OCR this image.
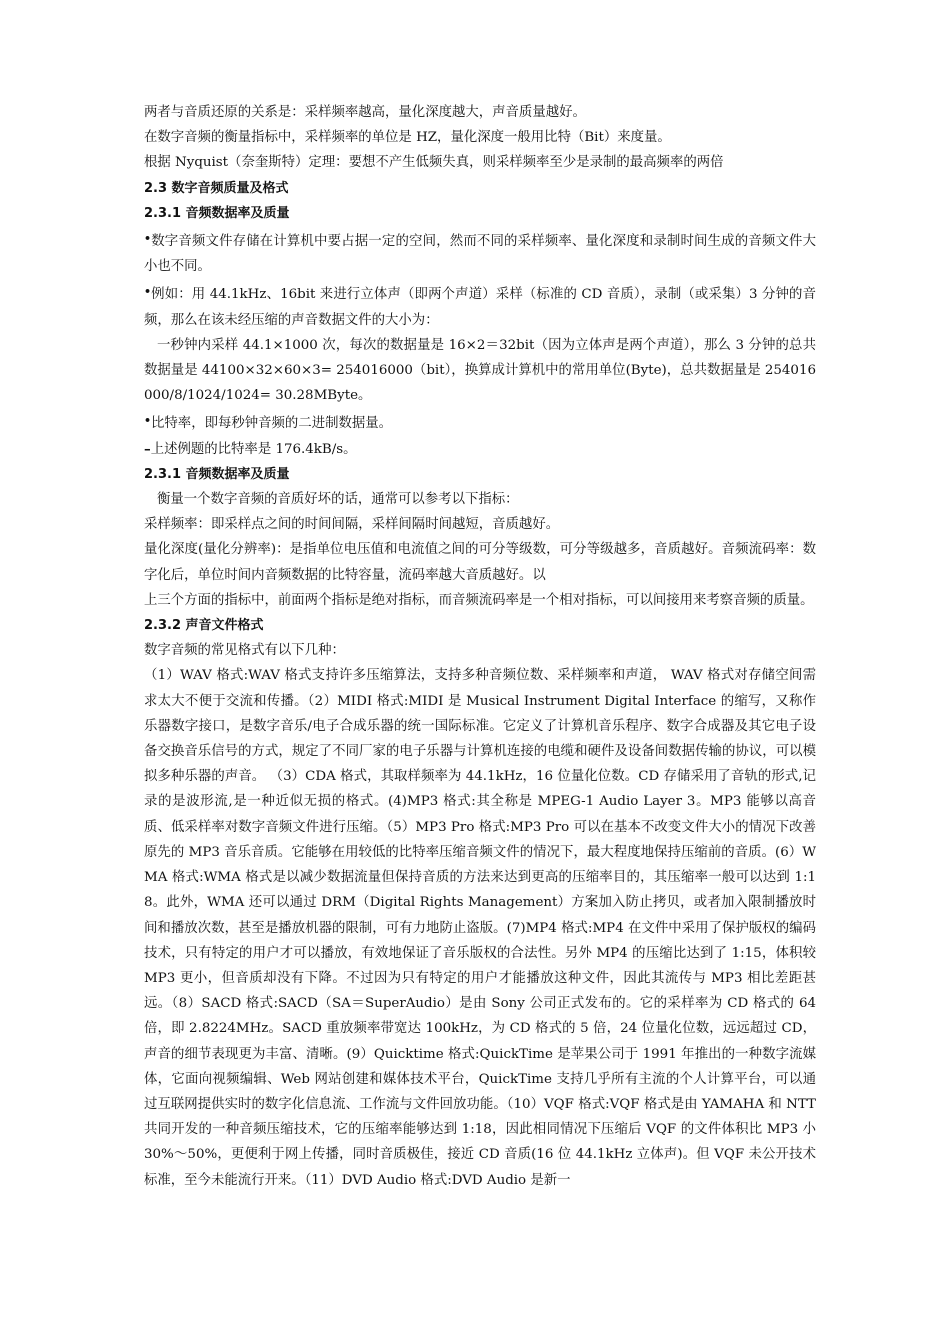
两者与音质还原的关系是：采样频率越高，量化深度越大，声音质量越好。

在数字音频的衡量指标中，采样频率的单位是 HZ，量化深度一般用比特（Bit）来度量。

根据 Nyquist（奈奎斯特）定理：要想不产生低频失真，则采样频率至少是录制的最高频率的两倍

2.3 数字音频质量及格式

2.3.1 音频数据率及质量

•数字音频文件存储在计算机中要占据一定的空间，然而不同的采样频率、量化深度和录制时间生成的音频文件大小也不同。

•例如：用 44.1kHz、16bit 来进行立体声（即两个声道）采样（标准的 CD 音质），录制（或采集）3 分钟的音频，那么在该未经压缩的声音数据文件的大小为：

一秒钟内采样 44.1×1000 次，每次的数据量是 16×2＝32bit（因为立体声是两个声道），那么 3 分钟的总共数据量是 44100×32×60×3= 254016000（bit），换算成计算机中的常用单位(Byte)，总共数据量是 254016000/8/1024/1024= 30.28MByte。

•比特率，即每秒钟音频的二进制数据量。

–上述例题的比特率是 176.4kB/s。

2.3.1 音频数据率及质量

衡量一个数字音频的音质好坏的话，通常可以参考以下指标：

采样频率：即采样点之间的时间间隔，采样间隔时间越短，音质越好。

量化深度(量化分辨率)：是指单位电压值和电流值之间的可分等级数，可分等级越多，音质越好。音频流码率：数字化后，单位时间内音频数据的比特容量，流码率越大音质越好。以

上三个方面的指标中，前面两个指标是绝对指标，而音频流码率是一个相对指标，可以间接用来考察音频的质量。

2.3.2 声音文件格式

数字音频的常见格式有以下几种：

（1）WAV 格式:WAV 格式支持许多压缩算法，支持多种音频位数、采样频率和声道， WAV 格式对存储空间需求太大不便于交流和传播。（2）MIDI 格式:MIDI 是 Musical Instrument Digital Interface 的缩写，又称作乐器数字接口，是数字音乐/电子合成乐器的统一国际标准。它定义了计算机音乐程序、数字合成器及其它电子设备交换音乐信号的方式，规定了不同厂家的电子乐器与计算机连接的电缆和硬件及设备间数据传输的协议，可以模拟多种乐器的声音。 （3）CDA 格式，其取样频率为 44.1kHz，16 位量化位数。CD 存储采用了音轨的形式,记录的是波形流,是一种近似无损的格式。(4)MP3 格式:其全称是 MPEG-1 Audio Layer 3。MP3 能够以高音质、低采样率对数字音频文件进行压缩。（5）MP3 Pro 格式:MP3 Pro 可以在基本不改变文件大小的情况下改善原先的 MP3 音乐音质。它能够在用较低的比特率压缩音频文件的情况下，最大程度地保持压缩前的音质。(6）WMA 格式:WMA 格式是以减少数据流量但保持音质的方法来达到更高的压缩率目的，其压缩率一般可以达到 1:18。此外，WMA 还可以通过 DRM（Digital Rights Management）方案加入防止拷贝，或者加入限制播放时间和播放次数，甚至是播放机器的限制，可有力地防止盗版。(7)MP4 格式:MP4 在文件中采用了保护版权的编码技术，只有特定的用户才可以播放，有效地保证了音乐版权的合法性。另外 MP4 的压缩比达到了 1:15，体积较 MP3 更小，但音质却没有下降。不过因为只有特定的用户才能播放这种文件，因此其流传与 MP3 相比差距甚远。（8）SACD 格式:SACD（SA＝SuperAudio）是由 Sony 公司正式发布的。它的采样率为 CD 格式的 64 倍，即 2.8224MHz。SACD 重放频率带宽达 100kHz，为 CD 格式的 5 倍，24 位量化位数，远远超过 CD，声音的细节表现更为丰富、清晰。(9）Quicktime 格式:QuickTime 是苹果公司于 1991 年推出的一种数字流媒体，它面向视频编辑、Web 网站创建和媒体技术平台，QuickTime 支持几乎所有主流的个人计算平台，可以通过互联网提供实时的数字化信息流、工作流与文件回放功能。（10）VQF 格式:VQF 格式是由 YAMAHA 和 NTT 共同开发的一种音频压缩技术，它的压缩率能够达到 1:18，因此相同情况下压缩后 VQF 的文件体积比 MP3 小 30%～50%，更便利于网上传播，同时音质极佳，接近 CD 音质(16 位 44.1kHz 立体声)。但 VQF 未公开技术标准，至今未能流行开来。（11）DVD Audio 格式:DVD Audio 是新一
